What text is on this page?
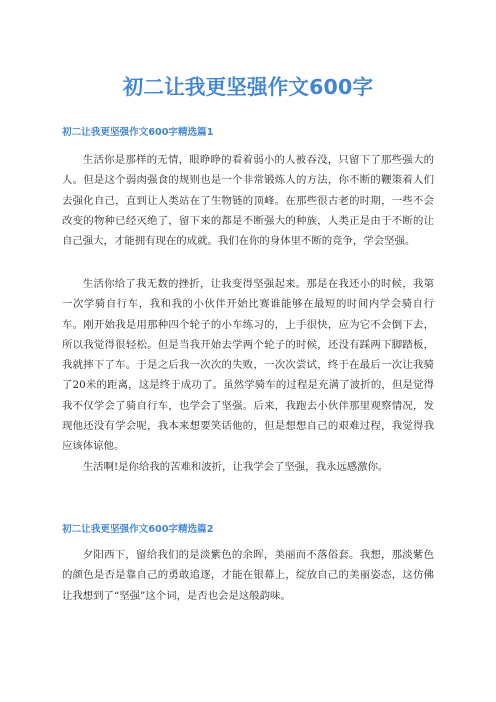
初二让我更坚强作文600字
初二让我更坚强作文600字精选篇1

生活你是那样的无情，眼睁睁的看着弱小的人被吞没，只留下了那些强大的人。但是这个弱肉强食的规则也是一个非常锻炼人的方法，你不断的鞭策着人们去强化自己，直到让人类站在了生物链的顶峰。在那些很古老的时期，一些不会改变的物种已经灭绝了，留下来的都是不断强大的种族，人类正是由于不断的让自己强大，才能拥有现在的成就。我们在你的身体里不断的竞争，学会坚强。

生活你给了我无数的挫折，让我变得坚强起来。那是在我还小的时候，我第一次学骑自行车，我和我的小伙伴开始比赛谁能够在最短的时间内学会骑自行车。刚开始我是用那种四个轮子的小车练习的，上手很快，应为它不会倒下去，所以我觉得很轻松。但是当我开始去学两个轮子的时候，还没有踩两下脚踏板，我就摔下了车。于是之后我一次次的失败，一次次尝试，终于在最后一次让我骑了20米的距离，这是终于成功了。虽然学骑车的过程是充满了波折的，但是觉得我不仅学会了骑自行车，也学会了坚强。后来，我跑去小伙伴那里观察情况，发现他还没有学会呢，我本来想要笑话他的，但是想想自己的艰难过程，我觉得我应该体谅他。

生活啊!是你给我的苦难和波折，让我学会了坚强，我永远感激你。

初二让我更坚强作文600字精选篇2

夕阳西下，留给我们的是淡紫色的余晖，美丽而不落俗套。我想，那淡紫色的颜色是否是靠自己的勇敢追逐，才能在银幕上，绽放自己的美丽姿态，这仿佛让我想到了“坚强”这个词，是否也会是这般韵味。
